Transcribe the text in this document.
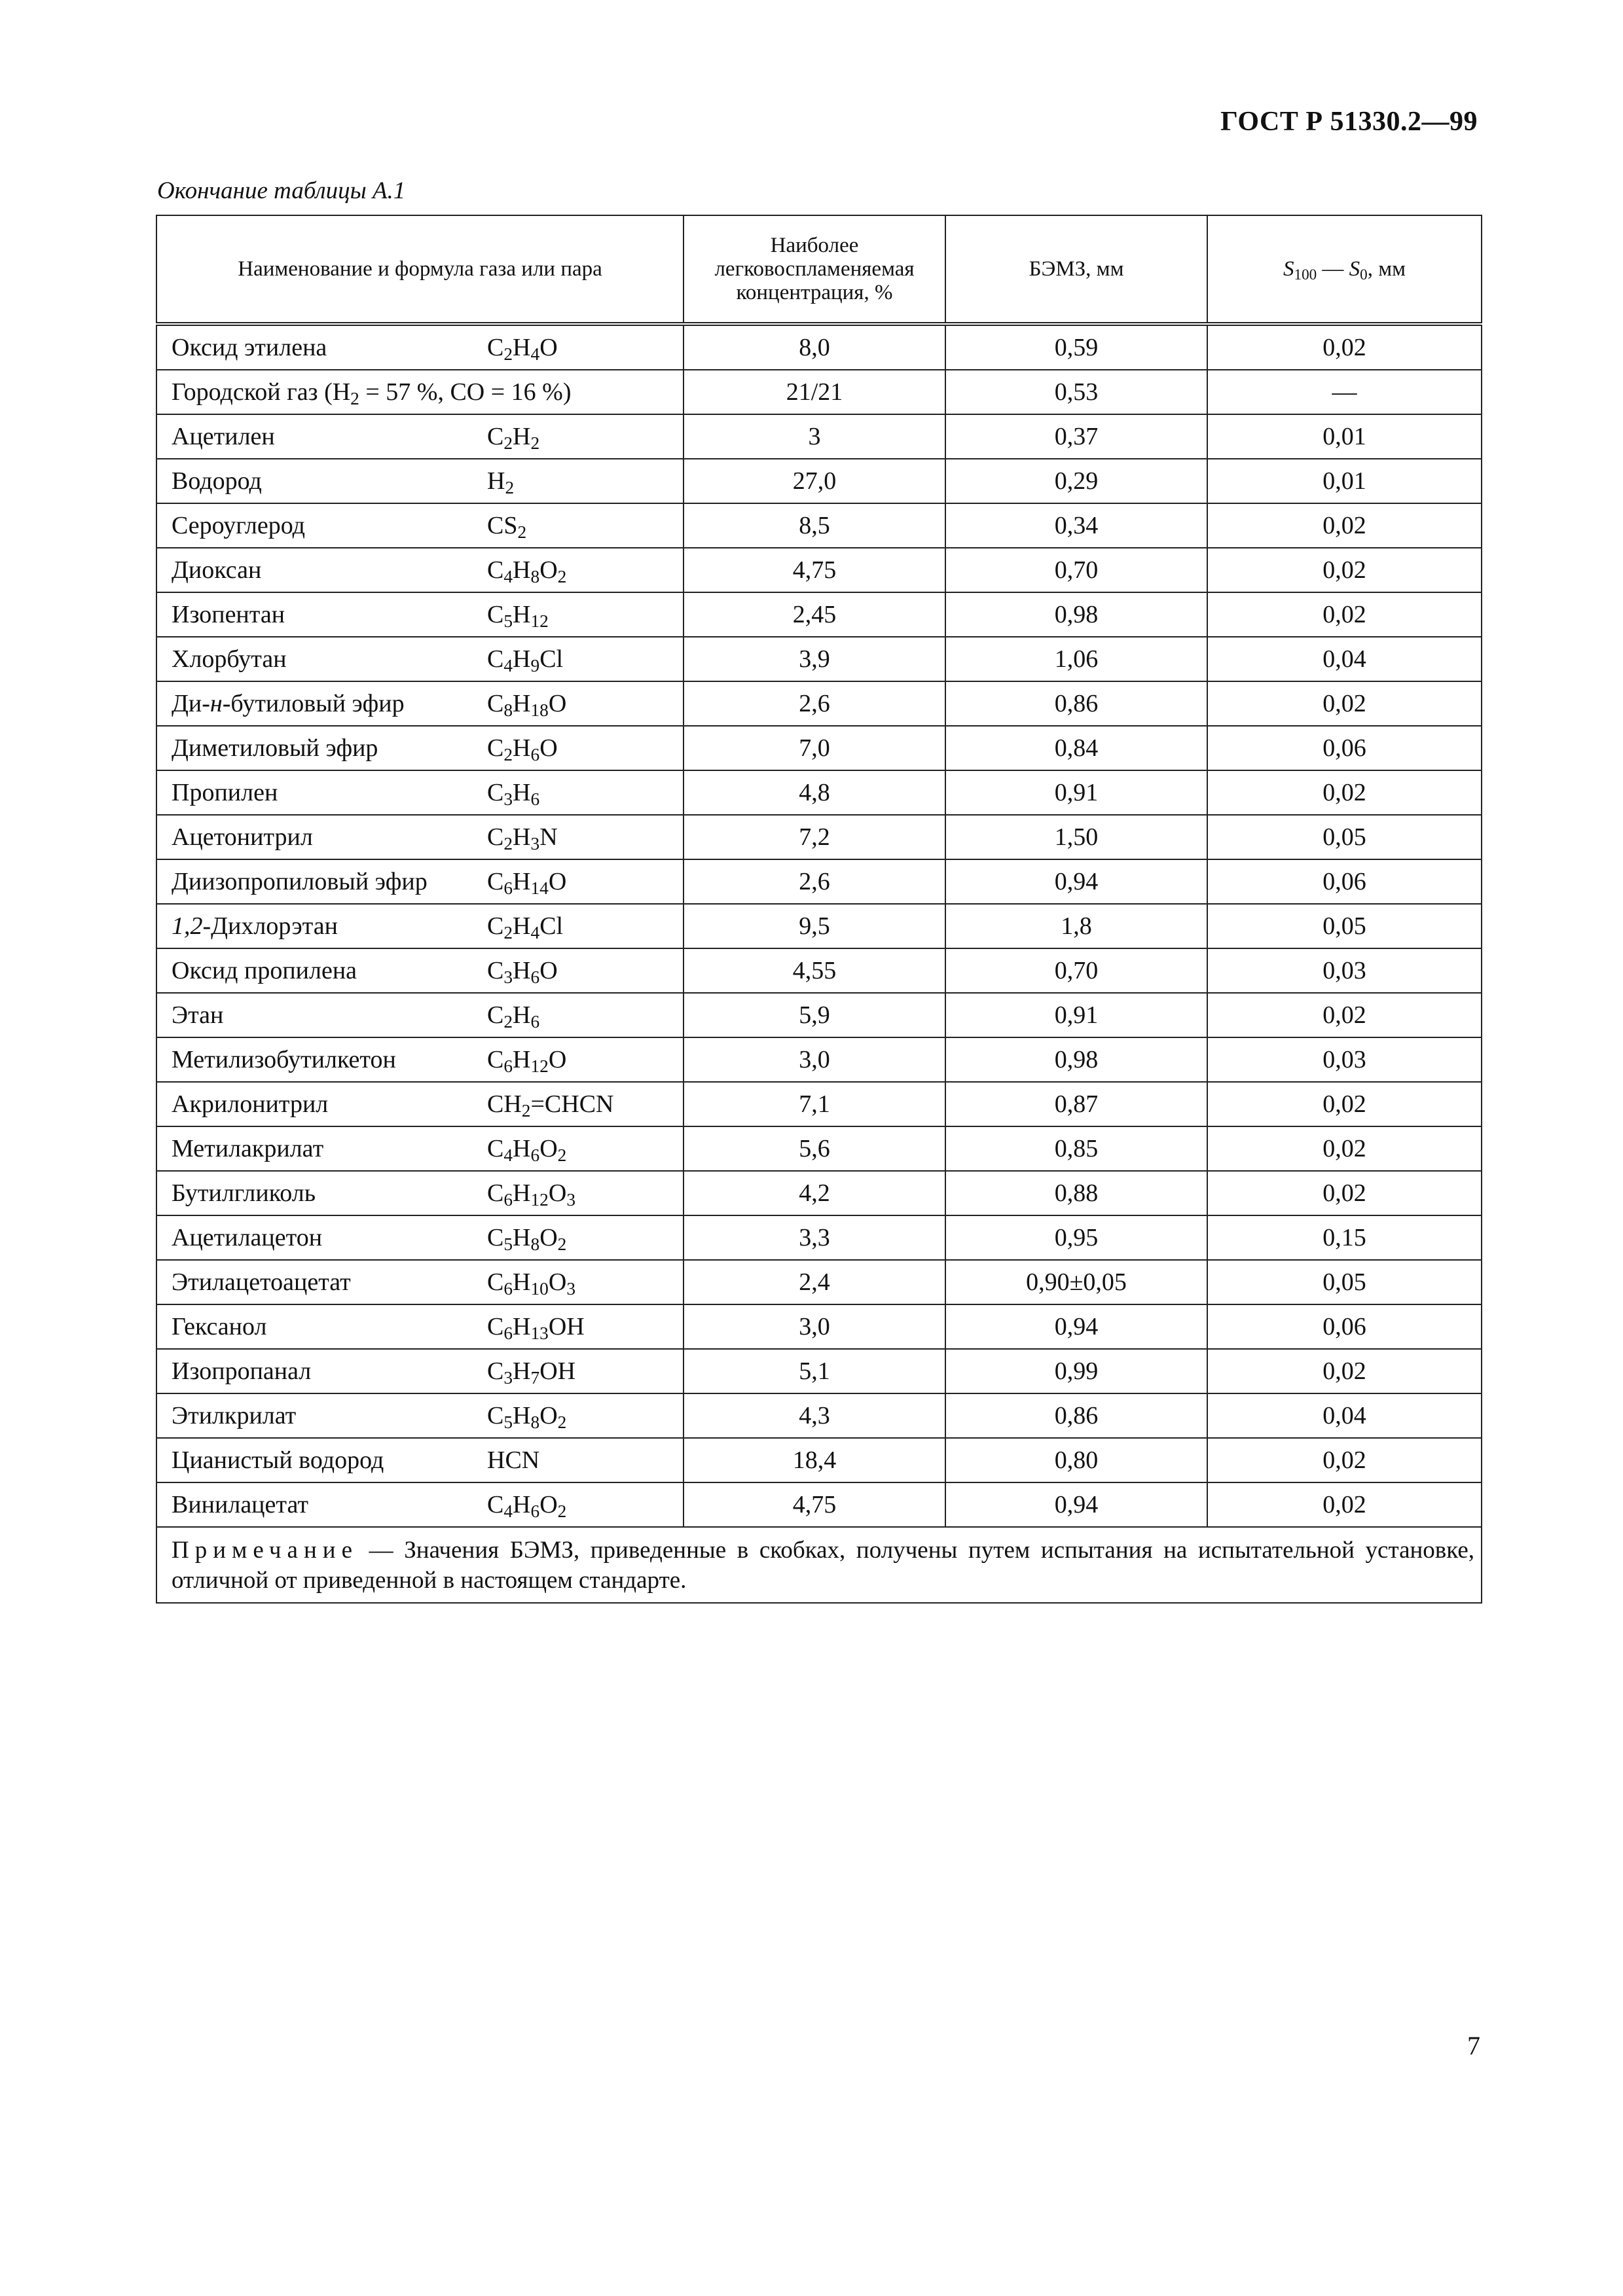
ГОСТ Р 51330.2—99
Окончание таблицы А.1
Наименование и формула газа или пара		Наиболее легковоспламеняемая концентрация, %	БЭМЗ, мм	$S_{100}$ — $S_0$, мм
Оксид этилена	$C_2H_4O$	8,0	0,59	0,02
Городской газ ($H_2 = 57$ %, CO = 16 %)		21/21	0,53	—
Ацетилен	$C_2H_2$	3	0,37	0,01
Водород	$H_2$	27,0	0,29	0,01
Сероуглерод	$CS_2$	8,5	0,34	0,02
Диоксан	$C_4H_8O_2$	4,75	0,70	0,02
Изопентан	$C_5H_{12}$	2,45	0,98	0,02
Хлорбутан	$C_4H_9Cl$	3,9	1,06	0,04
Ди-н-бутиловый эфир	$C_8H_{18}O$	2,6	0,86	0,02
Диметиловый эфир	$C_2H_6O$	7,0	0,84	0,06
Пропилен	$C_3H_6$	4,8	0,91	0,02
Ацетонитрил	$C_2H_3N$	7,2	1,50	0,05
Диизопропиловый эфир	$C_6H_{14}O$	2,6	0,94	0,06
1,2-Дихлорэтан	$C_2H_4Cl$	9,5	1,8	0,05
Оксид пропилена	$C_3H_6O$	4,55	0,70	0,03
Этан	$C_2H_6$	5,9	0,91	0,02
Метилизобутилкетон	$C_6H_{12}O$	3,0	0,98	0,03
Акрилонитрил	$CH_2=CHCN$	7,1	0,87	0,02
Метилакрилат	$C_4H_6O_2$	5,6	0,85	0,02
Бутилгликоль	$C_6H_{12}O_3$	4,2	0,88	0,02
Ацетилацетон	$C_5H_8O_2$	3,3	0,95	0,15
Этилацетоацетат	$C_6H_{10}O_3$	2,4	0,90±0,05	0,05
Гексанол	$C_6H_{13}OH$	3,0	0,94	0,06
Изопропанал	$C_3H_7OH$	5,1	0,99	0,02
Этилкрилат	$C_5H_8O_2$	4,3	0,86	0,04
Цианистый водород	HCN	18,4	0,80	0,02
Винилацетат	$C_4H_6O_2$	4,75	0,94	0,02
Примечание — Значения БЭМЗ, приведенные в скобках, получены путем испытания на испытательной установке, отличной от приведенной в настоящем стандарте.				
7
